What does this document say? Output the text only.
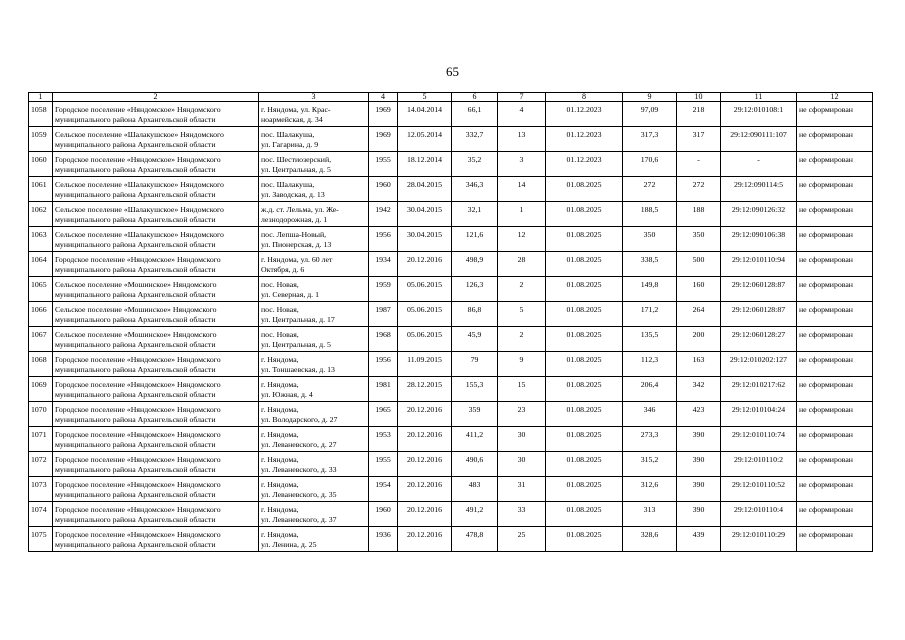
65
1	2	3	4	5	6	7	8	9	10	11	12
1058	Городское поселение «Няндомское» Няндомского
муниципального района Архангельской области	г. Няндома, ул. Крас-
ноармейская, д. 34	1969	14.04.2014	66,1	4	01.12.2023	97,09	218	29:12:010108:1	не сформирован
1059	Сельское поселение «Шалакушское» Няндомского
муниципального района Архангельской области	пос. Шалакуша,
ул. Гагарина, д. 9	1969	12.05.2014	332,7	13	01.12.2023	317,3	317	29:12:090111:107	не сформирован
1060	Городское поселение «Няндомское» Няндомского
муниципального района Архангельской области	пос. Шестиозерский,
ул. Центральная, д. 5	1955	18.12.2014	35,2	3	01.12.2023	170,6	-	-	не сформирован
1061	Сельское поселение «Шалакушское» Няндомского
муниципального района Архангельской области	пос. Шалакуша,
ул. Заводская, д. 13	1960	28.04.2015	346,3	14	01.08.2025	272	272	29:12:090114:5	не сформирован
1062	Сельское поселение «Шалакушское» Няндомского
муниципального района Архангельской области	ж.д. ст. Лельма, ул. Же-
лезнодорожная, д. 1	1942	30.04.2015	32,1	1	01.08.2025	188,5	188	29:12:090126:32	не сформирован
1063	Сельское поселение «Шалакушское» Няндомского
муниципального района Архангельской области	пос. Лепша-Новый,
ул. Пионерская, д. 13	1956	30.04.2015	121,6	12	01.08.2025	350	350	29:12:090106:38	не сформирован
1064	Городское поселение «Няндомское» Няндомского
муниципального района Архангельской области	г. Няндома, ул. 60 лет
Октября, д. 6	1934	20.12.2016	498,9	28	01.08.2025	338,5	500	29:12:010110:94	не сформирован
1065	Сельское поселение «Мошинское» Няндомского
муниципального района Архангельской области	пос. Новая,
ул. Северная, д. 1	1959	05.06.2015	126,3	2	01.08.2025	149,8	160	29:12:060128:87	не сформирован
1066	Сельское поселение «Мошинское» Няндомского
муниципального района Архангельской области	пос. Новая,
ул. Центральная, д. 17	1987	05.06.2015	86,8	5	01.08.2025	171,2	264	29:12:060128:87	не сформирован
1067	Сельское поселение «Мошинское» Няндомского
муниципального района Архангельской области	пос. Новая,
ул. Центральная, д. 5	1968	05.06.2015	45,9	2	01.08.2025	135,5	200	29:12:060128:27	не сформирован
1068	Городское поселение «Няндомское» Няндомского
муниципального района Архангельской области	г. Няндома,
ул. Тоншаевская, д. 13	1956	11.09.2015	79	9	01.08.2025	112,3	163	29:12:010202:127	не сформирован
1069	Городское поселение «Няндомское» Няндомского
муниципального района Архангельской области	г. Няндома,
ул. Южная, д. 4	1981	28.12.2015	155,3	15	01.08.2025	206,4	342	29:12:010217:62	не сформирован
1070	Городское поселение «Няндомское» Няндомского
муниципального района Архангельской области	г. Няндома,
ул. Володарского, д. 27	1965	20.12.2016	359	23	01.08.2025	346	423	29:12:010104:24	не сформирован
1071	Городское поселение «Няндомское» Няндомского
муниципального района Архангельской области	г. Няндома,
ул. Леваневского, д. 27	1953	20.12.2016	411,2	30	01.08.2025	273,3	390	29:12:010110:74	не сформирован
1072	Городское поселение «Няндомское» Няндомского
муниципального района Архангельской области	г. Няндома,
ул. Леваневского, д. 33	1955	20.12.2016	490,6	30	01.08.2025	315,2	390	29:12:010110:2	не сформирован
1073	Городское поселение «Няндомское» Няндомского
муниципального района Архангельской области	г. Няндома,
ул. Леваневского, д. 35	1954	20.12.2016	483	31	01.08.2025	312,6	390	29:12:010110:52	не сформирован
1074	Городское поселение «Няндомское» Няндомского
муниципального района Архангельской области	г. Няндома,
ул. Леваневского, д. 37	1960	20.12.2016	491,2	33	01.08.2025	313	390	29:12:010110:4	не сформирован
1075	Городское поселение «Няндомское» Няндомского
муниципального района Архангельской области	г. Няндома,
ул. Ленина, д. 25	1936	20.12.2016	478,8	25	01.08.2025	328,6	439	29:12:010110:29	не сформирован
